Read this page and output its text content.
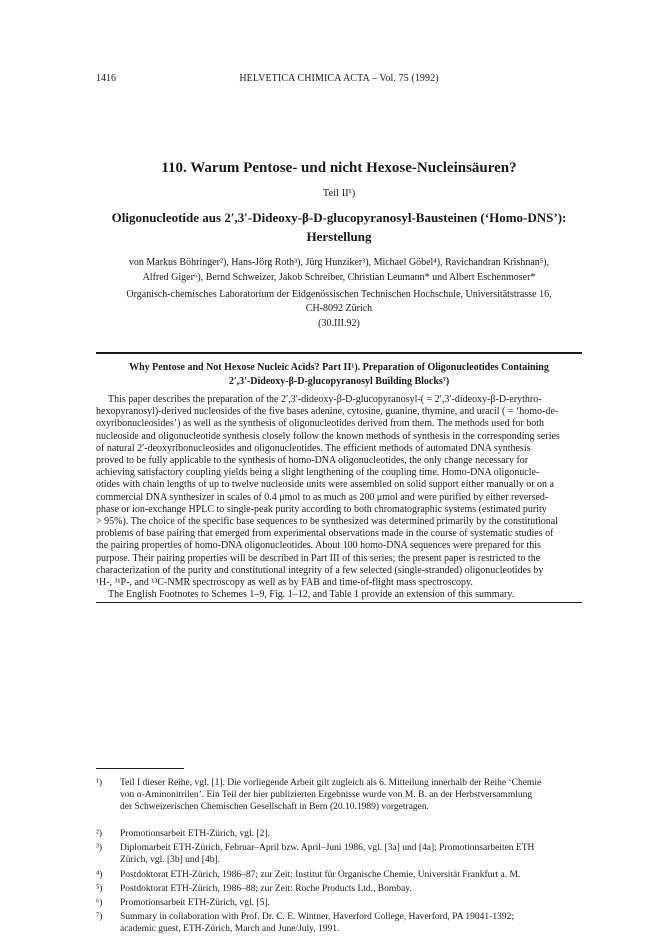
1416	HELVETICA CHIMICA ACTA – Vol. 75 (1992)
110. Warum Pentose- und nicht Hexose-Nucleinsäuren?
Teil II¹)
Oligonucleotide aus 2′,3′-Dideoxy-β-D-glucopyranosyl-Bausteinen (‘Homo-DNS’):
Herstellung
von Markus Böhringer²), Hans-Jörg Roth³), Jürg Hunziker³), Michael Göbel⁴), Ravichandran Krishnan⁵),
Alfred Giger⁶), Bernd Schweizer, Jakob Schreiber, Christian Leumann* und Albert Eschenmoser*
Organisch-chemisches Laboratorium der Eidgenössischen Technischen Hochschule, Universitätstrasse 16,
CH-8092 Zürich
(30.III.92)
Why Pentose and Not Hexose Nucleic Acids? Part II¹). Preparation of Oligonucleotides Containing
2′,3′-Dideoxy-β-D-glucopyranosyl Building Blocks⁷)
This paper describes the preparation of the 2′,3′-dideoxy-β-D-glucopyranosyl-( = 2′,3′-dideoxy-β-D-erythro-
hexopyranosyl)-derived nucleosides of the five bases adenine, cytosine, guanine, thymine, and uracil ( = ‘homo-de-
oxyribonucleosides’) as well as the synthesis of oligonucleotides derived from them. The methods used for both
nucleoside and oligonucleotide synthesis closely follow the known methods of synthesis in the corresponding series
of natural 2′-deoxyribonucleosides and oligonucleotides. The efficient methods of automated DNA synthesis
proved to be fully applicable to the synthesis of homo-DNA oligonucleotides, the only change necessary for
achieving satisfactory coupling yields being a slight lengthening of the coupling time. Homo-DNA oligonucle-
otides with chain lengths of up to twelve nucleoside units were assembled on solid support either manually or on a
commercial DNA synthesizer in scales of 0.4 μmol to as much as 200 μmol and were purified by either reversed-
phase or ion-exchange HPLC to single-peak purity according to both chromatographic systems (estimated purity
> 95%). The choice of the specific base sequences to be synthesized was determined primarily by the constitutional
problems of base pairing that emerged from experimental observations made in the course of systematic studies of
the pairing properties of homo-DNA oligonucleotides. About 100 homo-DNA sequences were prepared for this
purpose. Their pairing properties will be described in Part III of this series; the present paper is restricted to the
characterization of the purity and constitutional integrity of a few selected (single-stranded) oligonucleotides by
¹H-, ³¹P-, and ¹³C-NMR spectroscopy as well as by FAB and time-of-flight mass spectroscopy.
The English Footnotes to Schemes 1–9, Fig. 1–12, and Table 1 provide an extension of this summary.
¹)	Teil I dieser Reihe, vgl. [1]. Die vorliegende Arbeit gilt zugleich als 6. Mitteilung innerhalb der Reihe ‘Chemie
von α-Aminonitrilen’. Ein Teil der hier publizierten Ergebnisse wurde von M. B. an der Herbstversammlung
der Schweizerischen Chemischen Gesellschaft in Bern (20.10.1989) vorgetragen.
²)	Promotionsarbeit ETH-Zürich, vgl. [2].
³)	Diplomarbeit ETH-Zürich, Februar–April bzw. April–Juni 1986, vgl. [3a] und [4a]; Promotionsarbeiten ETH
Zürich, vgl. [3b] und [4b].
⁴)	Postdoktorat ETH-Zürich, 1986–87; zur Zeit: Institut für Organische Chemie, Universität Frankfurt a. M.
⁵)	Postdoktorat ETH-Zürich, 1986–88; zur Zeit: Roche Products Ltd., Bombay.
⁶)	Promotionsarbeit ETH-Zürich, vgl. [5].
⁷)	Summary in collaboration with Prof. Dr. C. E. Wintner, Haverford College, Haverford, PA 19041-1392;
academic guest, ETH-Zürich, March and June/July, 1991.
